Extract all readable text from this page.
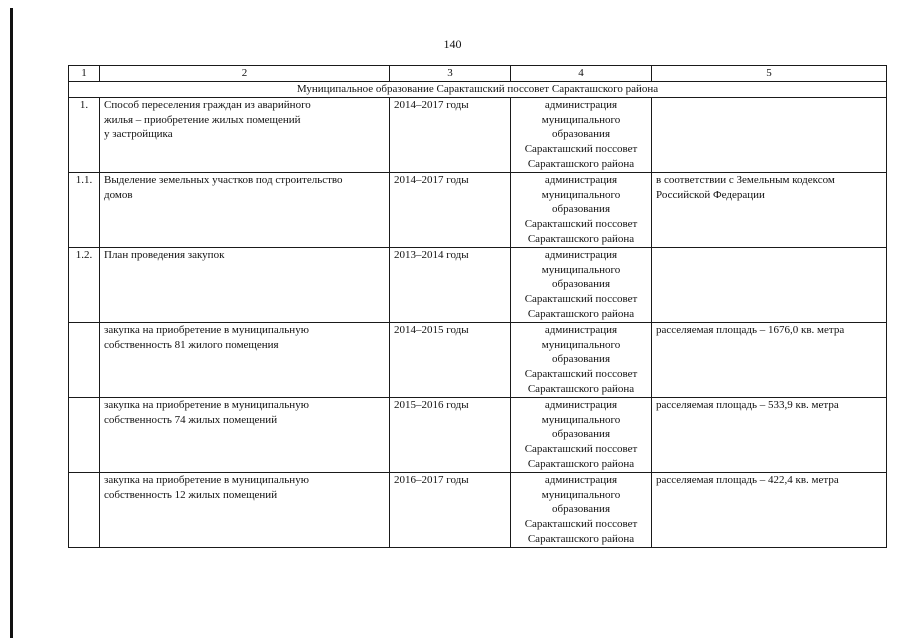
140
1	2	3	4	5
Муниципальное образование Саракташский поссовет Саракташского района				
1.	Способ переселения граждан из аварийного
жилья – приобретение жилых помещений
у застройщика	2014–2017 годы	администрация
муниципального
образования
Саракташский поссовет
Саракташского района	

1.1.	Выделение земельных участков под строительство
домов	2014–2017 годы	администрация
муниципального
образования
Саракташский поссовет
Саракташского района	в соответствии с Земельным кодексом
Российской Федерации

1.2.	План проведения закупок	2013–2014 годы	администрация
муниципального
образования
Саракташский поссовет
Саракташского района	

	закупка на приобретение в муниципальную
собственность 81 жилого помещения	2014–2015 годы	администрация
муниципального
образования
Саракташский поссовет
Саракташского района	расселяемая площадь – 1676,0 кв. метра

	закупка на приобретение в муниципальную
собственность 74 жилых помещений	2015–2016 годы	администрация
муниципального
образования
Саракташский поссовет
Саракташского района	расселяемая площадь – 533,9 кв. метра

	закупка на приобретение в муниципальную
собственность 12 жилых помещений	2016–2017 годы	администрация
муниципального
образования
Саракташский поссовет
Саракташского района	расселяемая площадь – 422,4 кв. метра
